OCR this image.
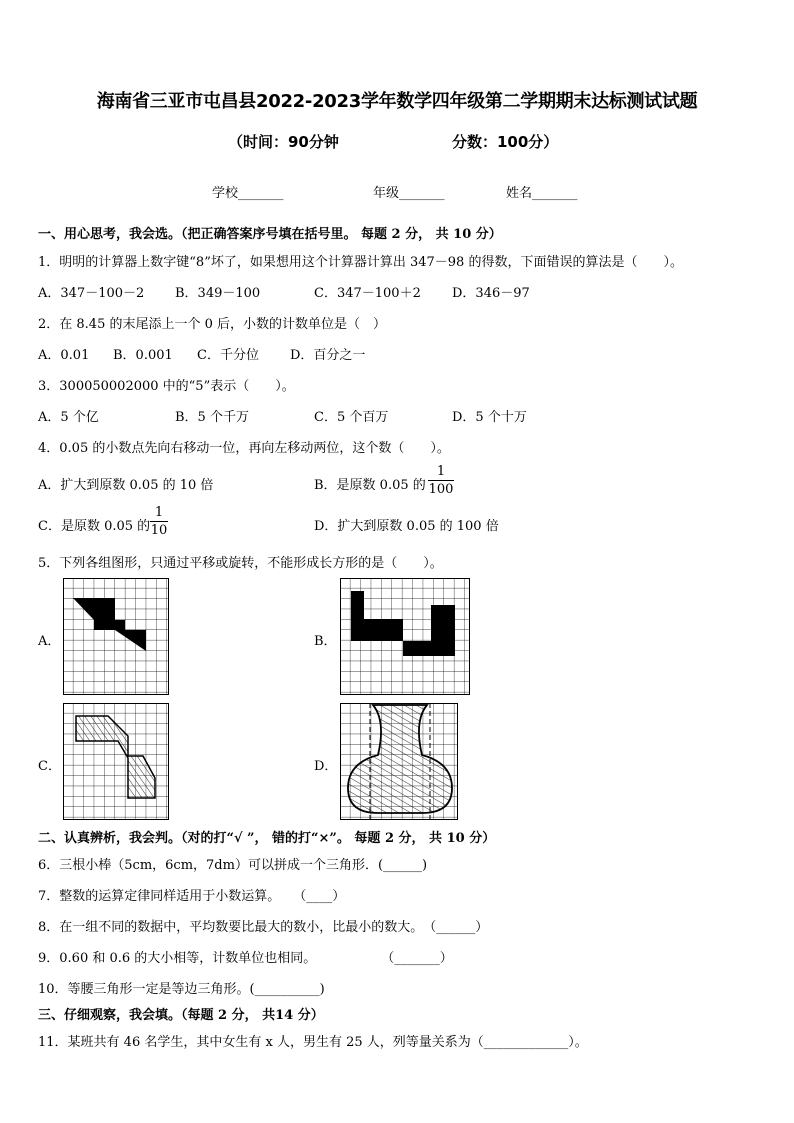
海南省三亚市屯昌县2022-2023学年数学四年级第二学期期末达标测试试题
（时间：90分钟	分数：100分）
学校_______	年级_______	姓名_______
一、用心思考，我会选。（把正确答案序号填在括号里。 每题 2 分， 共 10 分）
1．明明的计算器上数字键“8”坏了，如果想用这个计算器计算出 347－98 的得数，下面错误的算法是（　　）。
A．347－100－2 B．349－100	C．347－100＋2 D．346－97
2．在 8.45 的末尾添上一个 0 后，小数的计数单位是（　）
A．0.01 B．0.001 C．千分位 D．百分之一
3．300050002000 中的“5”表示（　　）。
A．5 个亿	B．5 个千万	C．5 个百万	D．5 个十万
4．0.05 的小数点先向右移动一位，再向左移动两位，这个数（　　）。
A．扩大到原数 0.05 的 10 倍	B．是原数 0.05 的
1
100
C．是原数 0.05 的
1
10	D．扩大到原数 0.05 的 100 倍
5．下列各组图形，只通过平移或旋转，不能形成长方形的是（　　）。
A．	B．
C．	D．
二、认真辨析，我会判。（对的打“√ ”， 错的打“×”。 每题 2 分， 共 10 分）
6．三根小棒（5cm，6cm，7dm）可以拼成一个三角形．(______)
7．整数的运算定律同样适用于小数运算。　　（____）
8．在一组不同的数据中，平均数要比最大的数小，比最小的数大。　（______）
9．0.60 和 0.6 的大小相等，计数单位也相同。　　　　　　（_______）
10．等腰三角形一定是等边三角形。(__________)
三、仔细观察，我会填。（每题 2 分， 共14 分）
11．某班共有 46 名学生，其中女生有 x 人，男生有 25 人，列等量关系为（_____________）。
